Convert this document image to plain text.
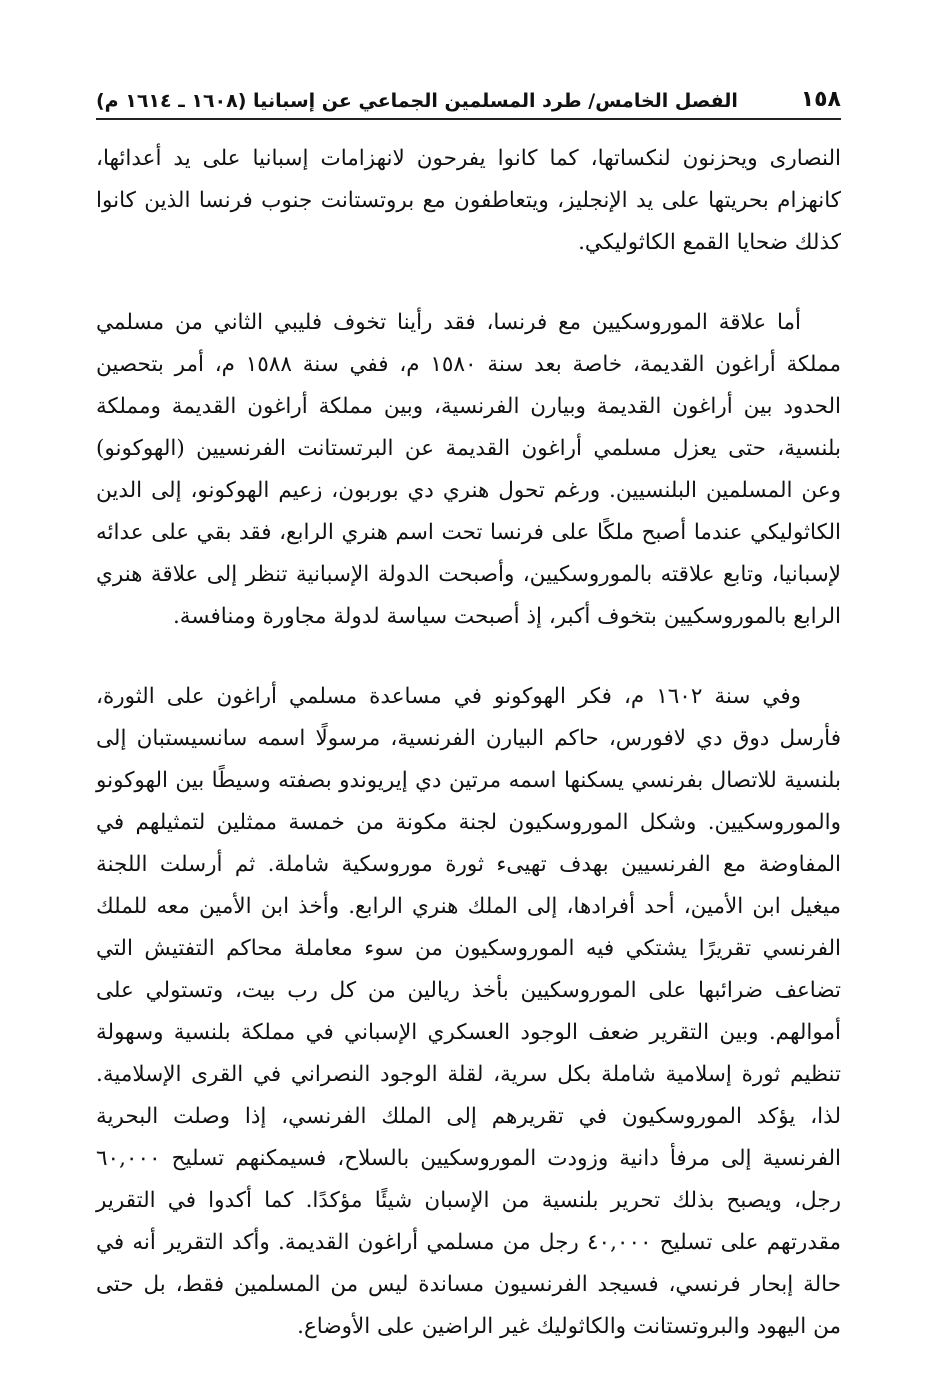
١٥٨
الفصل الخامس/ طرد المسلمين الجماعي عن إسبانيا (١٦٠٨ ـ ١٦١٤ م)

النصارى ويحزنون لنكساتها، كما كانوا يفرحون لانهزامات إسبانيا على يد أعدائها، كانهزام بحريتها على يد الإنجليز، ويتعاطفون مع بروتستانت جنوب فرنسا الذين كانوا كذلك ضحايا القمع الكاثوليكي.

أما علاقة الموروسكيين مع فرنسا، فقد رأينا تخوف فليبي الثاني من مسلمي مملكة أراغون القديمة، خاصة بعد سنة ١٥٨٠ م، ففي سنة ١٥٨٨ م، أمر بتحصين الحدود بين أراغون القديمة وبيارن الفرنسية، وبين مملكة أراغون القديمة ومملكة بلنسية، حتى يعزل مسلمي أراغون القديمة عن البرتستانت الفرنسيين (الهوكونو) وعن المسلمين البلنسيين. ورغم تحول هنري دي بوربون، زعيم الهوكونو، إلى الدين الكاثوليكي عندما أصبح ملكًا على فرنسا تحت اسم هنري الرابع، فقد بقي على عدائه لإسبانيا، وتابع علاقته بالموروسكيين، وأصبحت الدولة الإسبانية تنظر إلى علاقة هنري الرابع بالموروسكيين بتخوف أكبر، إذ أصبحت سياسة لدولة مجاورة ومنافسة.

وفي سنة ١٦٠٢ م، فكر الهوكونو في مساعدة مسلمي أراغون على الثورة، فأرسل دوق دي لافورس، حاكم البيارن الفرنسية، مرسولًا اسمه سانسيستبان إلى بلنسية للاتصال بفرنسي يسكنها اسمه مرتين دي إيريوندو بصفته وسيطًا بين الهوكونو والموروسكيين. وشكل الموروسكيون لجنة مكونة من خمسة ممثلين لتمثيلهم في المفاوضة مع الفرنسيين بهدف تهيىء ثورة موروسكية شاملة. ثم أرسلت اللجنة ميغيل ابن الأمين، أحد أفرادها، إلى الملك هنري الرابع. وأخذ ابن الأمين معه للملك الفرنسي تقريرًا يشتكي فيه الموروسكيون من سوء معاملة محاكم التفتيش التي تضاعف ضرائبها على الموروسكيين بأخذ ريالين من كل رب بيت، وتستولي على أموالهم. وبين التقرير ضعف الوجود العسكري الإسباني في مملكة بلنسية وسهولة تنظيم ثورة إسلامية شاملة بكل سرية، لقلة الوجود النصراني في القرى الإسلامية. لذا، يؤكد الموروسكيون في تقريرهم إلى الملك الفرنسي، إذا وصلت البحرية الفرنسية إلى مرفأ دانية وزودت الموروسكيين بالسلاح، فسيمكنهم تسليح ٦٠,٠٠٠ رجل، ويصبح بذلك تحرير بلنسية من الإسبان شيئًا مؤكدًا. كما أكدوا في التقرير مقدرتهم على تسليح ٤٠,٠٠٠ رجل من مسلمي أراغون القديمة. وأكد التقرير أنه في حالة إبحار فرنسي، فسيجد الفرنسيون مساندة ليس من المسلمين فقط، بل حتى من اليهود والبروتستانت والكاثوليك غير الراضين على الأوضاع.
